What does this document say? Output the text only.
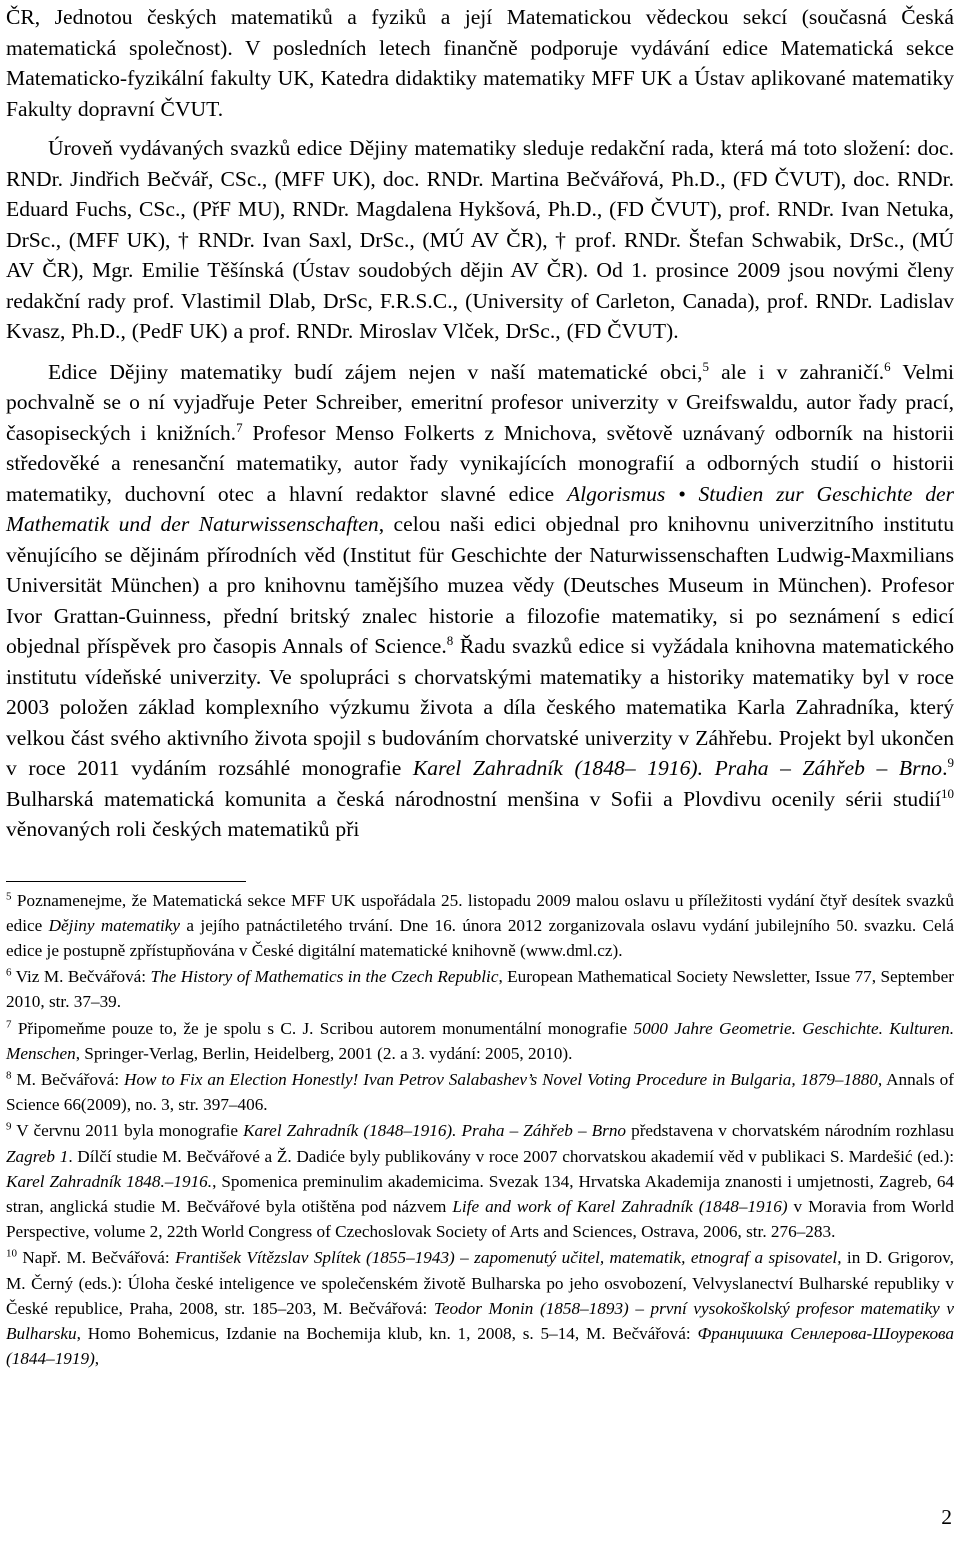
ČR, Jednotou českých matematiků a fyziků a její Matematickou vědeckou sekcí (současná Česká matematická společnost). V posledních letech finančně podporuje vydávání edice Matematická sekce Matematicko-fyzikální fakulty UK, Katedra didaktiky matematiky MFF UK a Ústav aplikované matematiky Fakulty dopravní ČVUT.

Úroveň vydávaných svazků edice Dějiny matematiky sleduje redakční rada, která má toto složení: doc. RNDr. Jindřich Bečvář, CSc., (MFF UK), doc. RNDr. Martina Bečvářová, Ph.D., (FD ČVUT), doc. RNDr. Eduard Fuchs, CSc., (PřF MU), RNDr. Magdalena Hykšová, Ph.D., (FD ČVUT), prof. RNDr. Ivan Netuka, DrSc., (MFF UK), † RNDr. Ivan Saxl, DrSc., (MÚ AV ČR), † prof. RNDr. Štefan Schwabik, DrSc., (MÚ AV ČR), Mgr. Emilie Těšínská (Ústav soudobých dějin AV ČR). Od 1. prosince 2009 jsou novými členy redakční rady prof. Vlastimil Dlab, DrSc, F.R.S.C., (University of Carleton, Canada), prof. RNDr. Ladislav Kvasz, Ph.D., (PedF UK) a prof. RNDr. Miroslav Vlček, DrSc., (FD ČVUT).

Edice Dějiny matematiky budí zájem nejen v naší matematické obci,$^5$ ale i v zahraničí.$^6$ Velmi pochvalně se o ní vyjadřuje Peter Schreiber, emeritní profesor univerzity v Greifswaldu, autor řady prací, časopiseckých i knižních.$^7$ Profesor Menso Folkerts z Mnichova, světově uznávaný odborník na historii středověké a renesanční matematiky, autor řady vynikajících monografií a odborných studií o historii matematiky, duchovní otec a hlavní redaktor slavné edice Algorismus • Studien zur Geschichte der Mathematik und der Naturwissenschaften, celou naši edici objednal pro knihovnu univerzitního institutu věnujícího se dějinám přírodních věd (Institut für Geschichte der Naturwissenschaften Ludwig-Maxmilians Universität München) a pro knihovnu tamějšího muzea vědy (Deutsches Museum in München). Profesor Ivor Grattan-Guinness, přední britský znalec historie a filozofie matematiky, si po seznámení s edicí objednal příspěvek pro časopis Annals of Science.$^8$ Řadu svazků edice si vyžádala knihovna matematického institutu vídeňské univerzity. Ve spolupráci s chorvatskými matematiky a historiky matematiky byl v roce 2003 položen základ komplexního výzkumu života a díla českého matematika Karla Zahradníka, který velkou část svého aktivního života spojil s budováním chorvatské univerzity v Záhřebu. Projekt byl ukončen v roce 2011 vydáním rozsáhlé monografie Karel Zahradník (1848– 1916). Praha – Záhřeb – Brno.$^9$ Bulharská matematická komunita a česká národnostní menšina v Sofii a Plovdivu ocenily sérii studií$^{10}$ věnovaných roli českých matematiků při

$^5$ Poznamenejme, že Matematická sekce MFF UK uspořádala 25. listopadu 2009 malou oslavu u příležitosti vydání čtyř desítek svazků edice Dějiny matematiky a jejího patnáctiletého trvání. Dne 16. února 2012 zorganizovala oslavu vydání jubilejního 50. svazku. Celá edice je postupně zpřístupňována v České digitální matematické knihovně (www.dml.cz).

$^6$ Viz M. Bečvářová: The History of Mathematics in the Czech Republic, European Mathematical Society Newsletter, Issue 77, September 2010, str. 37–39.

$^7$ Připomeňme pouze to, že je spolu s C. J. Scribou autorem monumentální monografie 5000 Jahre Geometrie. Geschichte. Kulturen. Menschen, Springer-Verlag, Berlin, Heidelberg, 2001 (2. a 3. vydání: 2005, 2010).

$^8$ M. Bečvářová: How to Fix an Election Honestly! Ivan Petrov Salabashev’s Novel Voting Procedure in Bulgaria, 1879–1880, Annals of Science 66(2009), no. 3, str. 397–406.

$^9$ V červnu 2011 byla monografie Karel Zahradník (1848–1916). Praha – Záhřeb – Brno představena v chorvatském národním rozhlasu Zagreb 1. Dílčí studie M. Bečvářové a Ž. Dadiće byly publikovány v roce 2007 chorvatskou akademií věd v publikaci S. Mardešić (ed.): Karel Zahradník 1848.–1916., Spomenica preminulim akademicima. Svezak 134, Hrvatska Akademija znanosti i umjetnosti, Zagreb, 64 stran, anglická studie M. Bečvářové byla otištěna pod názvem Life and work of Karel Zahradník (1848–1916) v Moravia from World Perspective, volume 2, 22th World Congress of Czechoslovak Society of Arts and Sciences, Ostrava, 2006, str. 276–283.

$^{10}$ Např. M. Bečvářová: František Vítězslav Splítek (1855–1943) – zapomenutý učitel, matematik, etnograf a spisovatel, in D. Grigorov, M. Černý (eds.): Úloha české inteligence ve společenském životě Bulharska po jeho osvobození, Velvyslanectví Bulharské republiky v České republice, Praha, 2008, str. 185–203, M. Bečvářová: Teodor Monin (1858–1893) – první vysokoškolský profesor matematiky v Bulharsku, Homo Bohemicus, Izdanie na Bochemija klub, kn. 1, 2008, s. 5–14, M. Bečvářová: Францишка Сенлерова-Шоурекова (1844–1919),

2
